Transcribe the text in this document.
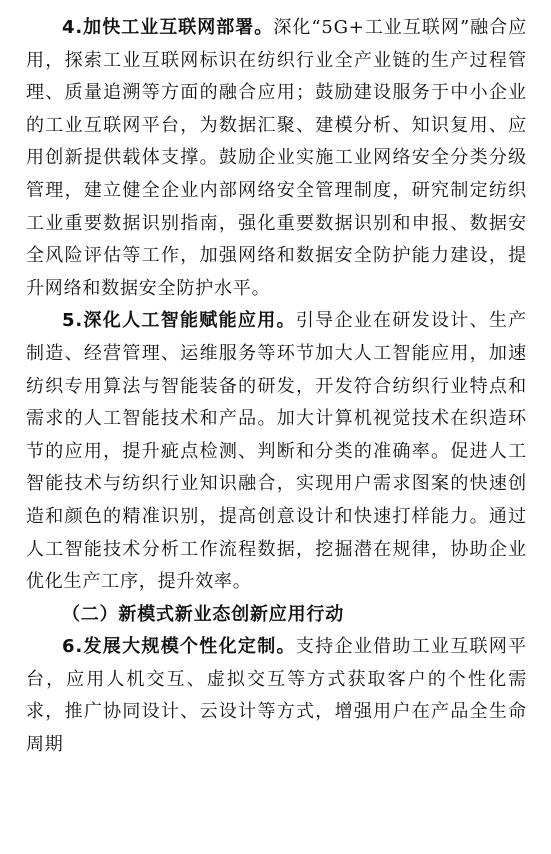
4.加快工业互联网部署。深化“5G+工业互联网”融合应用，探索工业互联网标识在纺织行业全产业链的生产过程管理、质量追溯等方面的融合应用；鼓励建设服务于中小企业的工业互联网平台，为数据汇聚、建模分析、知识复用、应用创新提供载体支撑。鼓励企业实施工业网络安全分类分级管理，建立健全企业内部网络安全管理制度，研究制定纺织工业重要数据识别指南，强化重要数据识别和申报、数据安全风险评估等工作，加强网络和数据安全防护能力建设，提升网络和数据安全防护水平。

5.深化人工智能赋能应用。引导企业在研发设计、生产制造、经营管理、运维服务等环节加大人工智能应用，加速纺织专用算法与智能装备的研发，开发符合纺织行业特点和需求的人工智能技术和产品。加大计算机视觉技术在织造环节的应用，提升疵点检测、判断和分类的准确率。促进人工智能技术与纺织行业知识融合，实现用户需求图案的快速创造和颜色的精准识别，提高创意设计和快速打样能力。通过人工智能技术分析工作流程数据，挖掘潜在规律，协助企业优化生产工序，提升效率。

（二）新模式新业态创新应用行动

6.发展大规模个性化定制。支持企业借助工业互联网平台，应用人机交互、虚拟交互等方式获取客户的个性化需求，推广协同设计、云设计等方式，增强用户在产品全生命周期
